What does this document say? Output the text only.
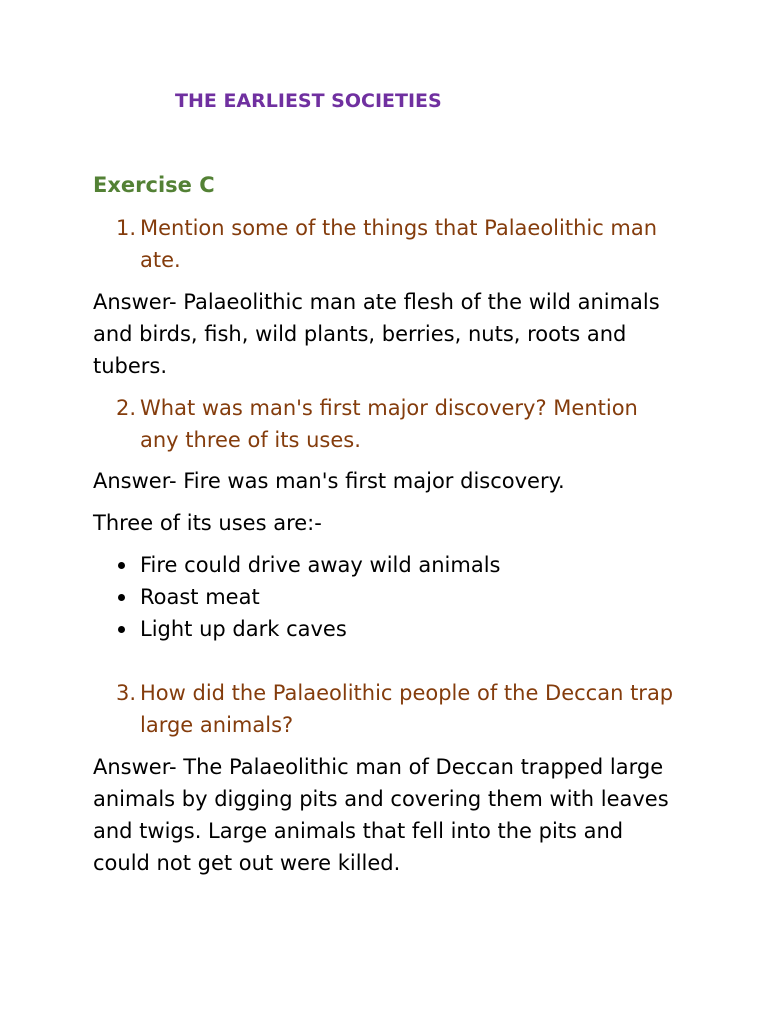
THE EARLIEST SOCIETIES
Exercise C
1. Mention some of the things that Palaeolithic man ate.

Answer- Palaeolithic man ate flesh of the wild animals and birds, fish, wild plants, berries, nuts, roots and tubers.

2. What was man's first major discovery? Mention any three of its uses.

Answer- Fire was man's first major discovery.

Three of its uses are:-

Fire could drive away wild animals
Roast meat
Light up dark caves
3. How did the Palaeolithic people of the Deccan trap large animals?

Answer- The Palaeolithic man of Deccan trapped large animals by digging pits and covering them with leaves and twigs. Large animals that fell into the pits and could not get out were killed.
